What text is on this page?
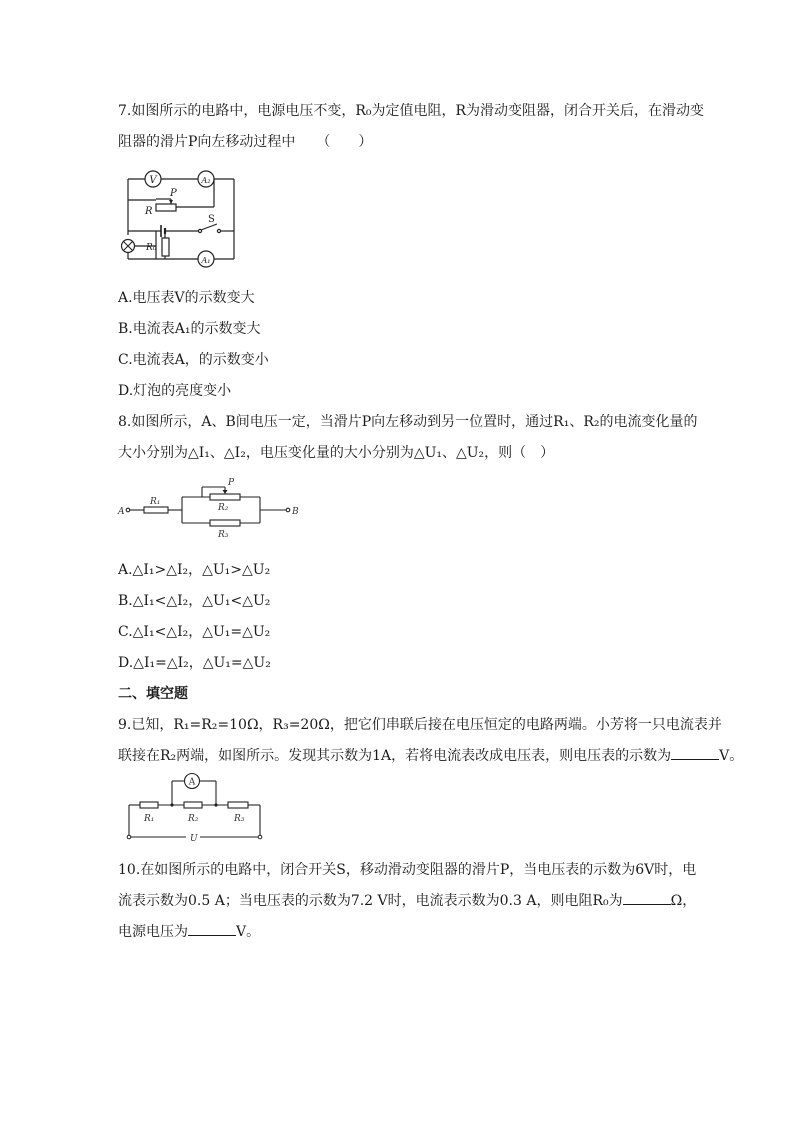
7.如图所示的电路中，电源电压不变，R₀为定值电阻，R为滑动变阻器，闭合开关后，在滑动变
阻器的滑片P向左移动过程中　　（　　）
V	A₂
A₁
P
R
R₀
S
A.电压表V的示数变大
B.电流表A₁的示数变大
C.电流表A，的示数变小
D.灯泡的亮度变小
8.如图所示，A、B间电压一定，当滑片P向左移动到另一位置时，通过R₁、R₂的电流变化量的
大小分别为△I₁、△I₂，电压变化量的大小分别为△U₁、△U₂，则（　）
A	B
R₁
R₂
R₃
P
A.△I₁>△I₂，△U₁>△U₂
B.△I₁<△I₂，△U₁<△U₂
C.△I₁<△I₂，△U₁=△U₂
D.△I₁=△I₂，△U₁=△U₂
二、填空题
9.已知，R₁=R₂=10Ω，R₃=20Ω，把它们串联后接在电压恒定的电路两端。小芳将一只电流表并
联接在R₂两端，如图所示。发现其示数为1A，若将电流表改成电压表，则电压表的示数为	V。
A
R₁	R₂	R₃
U
10.在如图所示的电路中，闭合开关S，移动滑动变阻器的滑片P，当电压表的示数为6V时，电
流表示数为0.5 A；当电压表的示数为7.2 V时，电流表示数为0.3 A，则电阻R₀为	Ω，
电源电压为	V。
